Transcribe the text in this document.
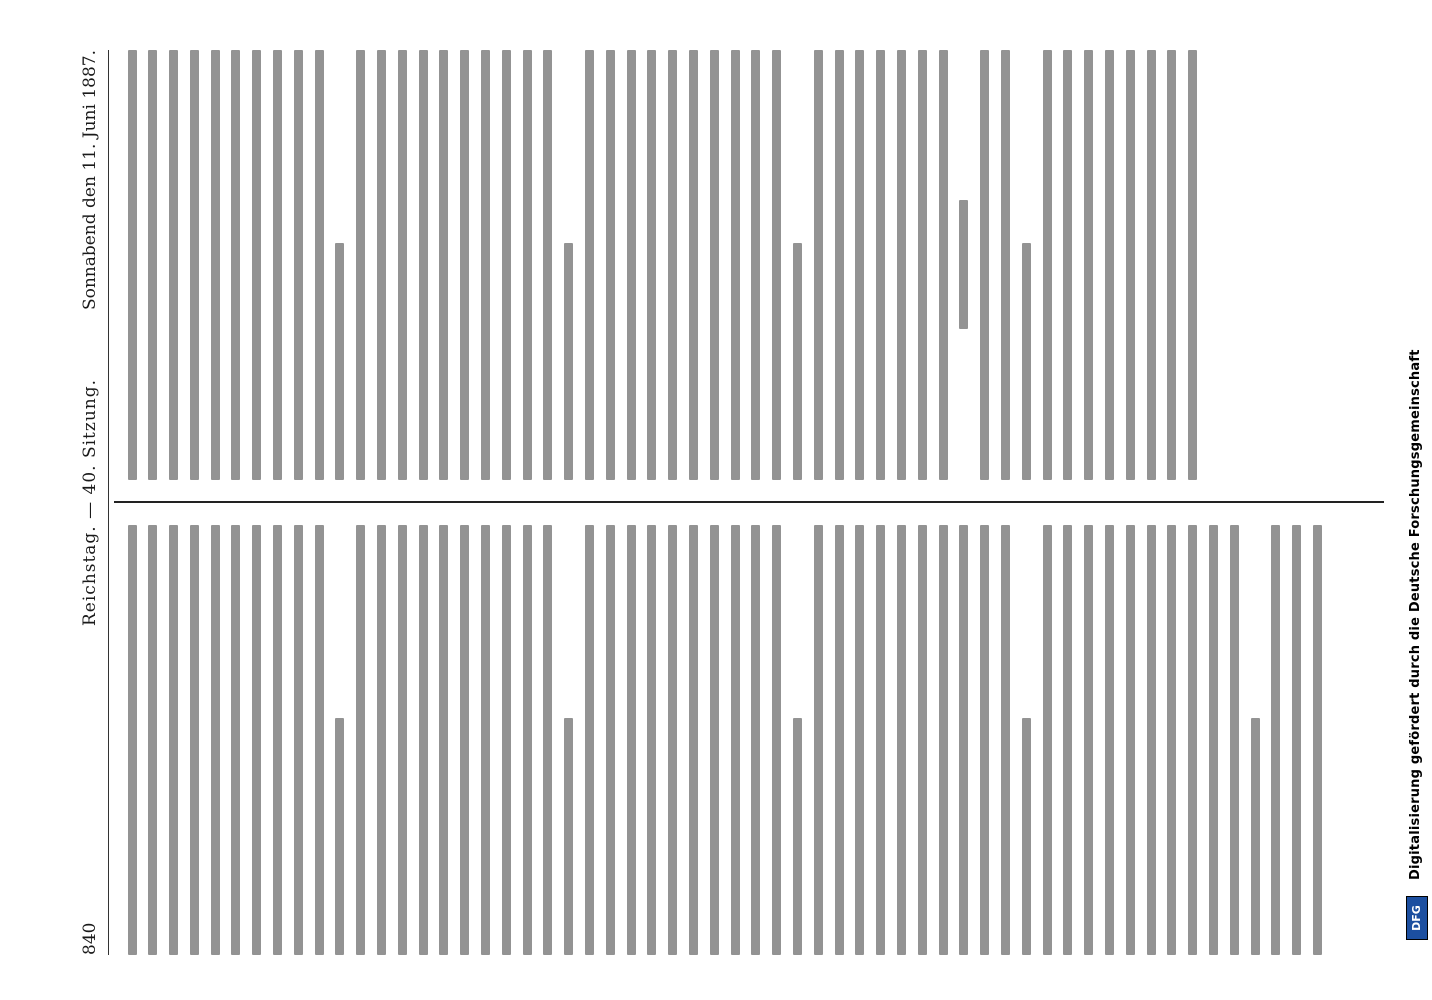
840
Reichstag. — 40. Sitzung.
Sonnabend den 11. Juni 1887.
DFG
Digitalisierung gefördert durch die Deutsche Forschungsgemeinschaft
